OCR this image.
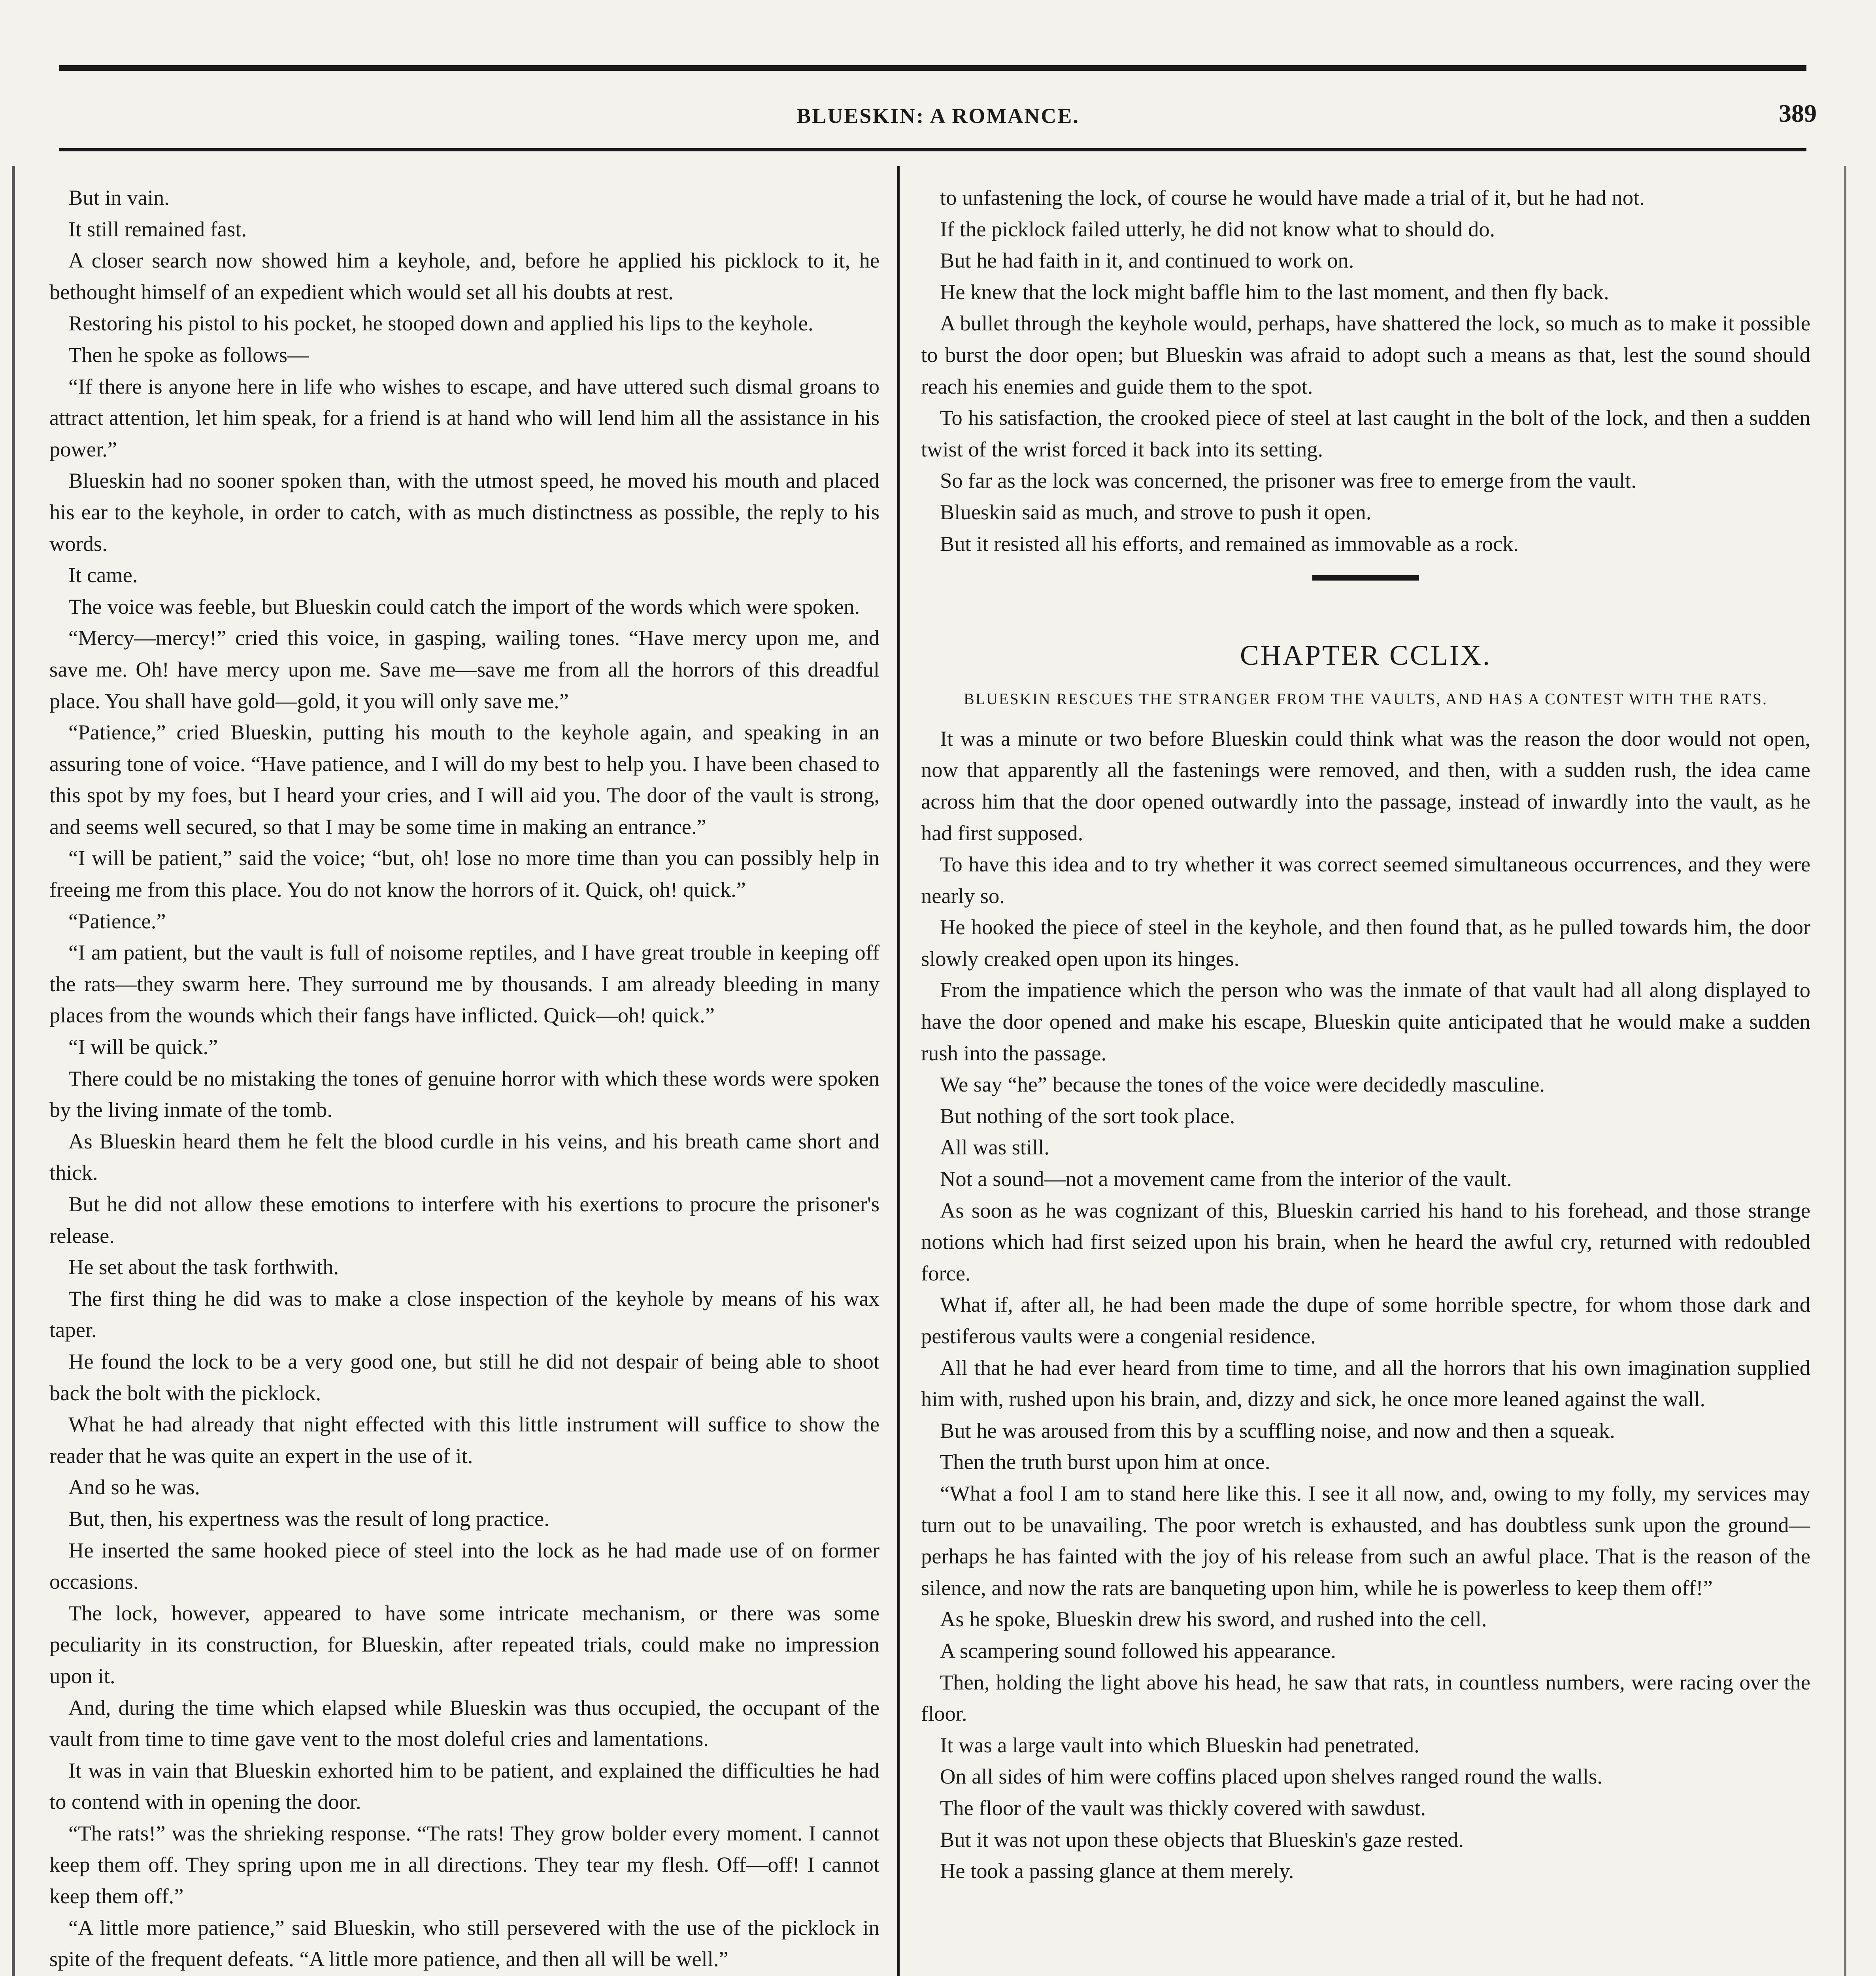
BLUESKIN: A ROMANCE.	389

But in vain.

It still remained fast.

A closer search now showed him a keyhole, and, before he applied his picklock to it, he bethought himself of an expedient which would set all his doubts at rest.

Restoring his pistol to his pocket, he stooped down and applied his lips to the keyhole.

Then he spoke as follows—

“If there is anyone here in life who wishes to escape, and have uttered such dismal groans to attract attention, let him speak, for a friend is at hand who will lend him all the assistance in his power.”

Blueskin had no sooner spoken than, with the utmost speed, he moved his mouth and placed his ear to the keyhole, in order to catch, with as much distinctness as possible, the reply to his words.

It came.

The voice was feeble, but Blueskin could catch the import of the words which were spoken.

“Mercy—mercy!” cried this voice, in gasping, wailing tones. “Have mercy upon me, and save me. Oh! have mercy upon me. Save me—save me from all the horrors of this dreadful place. You shall have gold—gold, it you will only save me.”

“Patience,” cried Blueskin, putting his mouth to the keyhole again, and speaking in an assuring tone of voice. “Have patience, and I will do my best to help you. I have been chased to this spot by my foes, but I heard your cries, and I will aid you. The door of the vault is strong, and seems well secured, so that I may be some time in making an entrance.”

“I will be patient,” said the voice; “but, oh! lose no more time than you can possibly help in freeing me from this place. You do not know the horrors of it. Quick, oh! quick.”

“Patience.”

“I am patient, but the vault is full of noisome reptiles, and I have great trouble in keeping off the rats—they swarm here. They surround me by thousands. I am already bleeding in many places from the wounds which their fangs have inflicted. Quick—oh! quick.”

“I will be quick.”

There could be no mistaking the tones of genuine horror with which these words were spoken by the living inmate of the tomb.

As Blueskin heard them he felt the blood curdle in his veins, and his breath came short and thick.

But he did not allow these emotions to interfere with his exertions to procure the prisoner's release.

He set about the task forthwith.

The first thing he did was to make a close inspection of the keyhole by means of his wax taper.

He found the lock to be a very good one, but still he did not despair of being able to shoot back the bolt with the picklock.

What he had already that night effected with this little instrument will suffice to show the reader that he was quite an expert in the use of it.

And so he was.

But, then, his expertness was the result of long practice.

He inserted the same hooked piece of steel into the lock as he had made use of on former occasions.

The lock, however, appeared to have some intricate mechanism, or there was some peculiarity in its construction, for Blueskin, after repeated trials, could make no impression upon it.

And, during the time which elapsed while Blueskin was thus occupied, the occupant of the vault from time to time gave vent to the most doleful cries and lamentations.

It was in vain that Blueskin exhorted him to be patient, and explained the difficulties he had to contend with in opening the door.

“The rats!” was the shrieking response. “The rats! They grow bolder every moment. I cannot keep them off. They spring upon me in all directions. They tear my flesh. Off—off! I cannot keep them off.”

“A little more patience,” said Blueskin, who still persevered with the use of the picklock in spite of the frequent defeats. “A little more patience, and then all will be well.”

to unfastening the lock, of course he would have made a trial of it, but he had not.

If the picklock failed utterly, he did not know what to should do.

But he had faith in it, and continued to work on.

He knew that the lock might baffle him to the last moment, and then fly back.

A bullet through the keyhole would, perhaps, have shattered the lock, so much as to make it possible to burst the door open; but Blueskin was afraid to adopt such a means as that, lest the sound should reach his enemies and guide them to the spot.

To his satisfaction, the crooked piece of steel at last caught in the bolt of the lock, and then a sudden twist of the wrist forced it back into its setting.

So far as the lock was concerned, the prisoner was free to emerge from the vault.

Blueskin said as much, and strove to push it open.

But it resisted all his efforts, and remained as immovable as a rock.

CHAPTER CCLIX.
BLUESKIN RESCUES THE STRANGER FROM THE VAULTS, AND HAS A CONTEST WITH THE RATS.

It was a minute or two before Blueskin could think what was the reason the door would not open, now that apparently all the fastenings were removed, and then, with a sudden rush, the idea came across him that the door opened outwardly into the passage, instead of inwardly into the vault, as he had first supposed.

To have this idea and to try whether it was correct seemed simultaneous occurrences, and they were nearly so.

He hooked the piece of steel in the keyhole, and then found that, as he pulled towards him, the door slowly creaked open upon its hinges.

From the impatience which the person who was the inmate of that vault had all along displayed to have the door opened and make his escape, Blueskin quite anticipated that he would make a sudden rush into the passage.

We say “he” because the tones of the voice were decidedly masculine.

But nothing of the sort took place.

All was still.

Not a sound—not a movement came from the interior of the vault.

As soon as he was cognizant of this, Blueskin carried his hand to his forehead, and those strange notions which had first seized upon his brain, when he heard the awful cry, returned with redoubled force.

What if, after all, he had been made the dupe of some horrible spectre, for whom those dark and pestiferous vaults were a congenial residence.

All that he had ever heard from time to time, and all the horrors that his own imagination supplied him with, rushed upon his brain, and, dizzy and sick, he once more leaned against the wall.

But he was aroused from this by a scuffling noise, and now and then a squeak.

Then the truth burst upon him at once.

“What a fool I am to stand here like this. I see it all now, and, owing to my folly, my services may turn out to be unavailing. The poor wretch is exhausted, and has doubtless sunk upon the ground—perhaps he has fainted with the joy of his release from such an awful place. That is the reason of the silence, and now the rats are banqueting upon him, while he is powerless to keep them off!”

As he spoke, Blueskin drew his sword, and rushed into the cell.

A scampering sound followed his appearance.

Then, holding the light above his head, he saw that rats, in countless numbers, were racing over the floor.

It was a large vault into which Blueskin had penetrated.

On all sides of him were coffins placed upon shelves ranged round the walls.

The floor of the vault was thickly covered with sawdust.

But it was not upon these objects that Blueskin's gaze rested.

He took a passing glance at them merely.
